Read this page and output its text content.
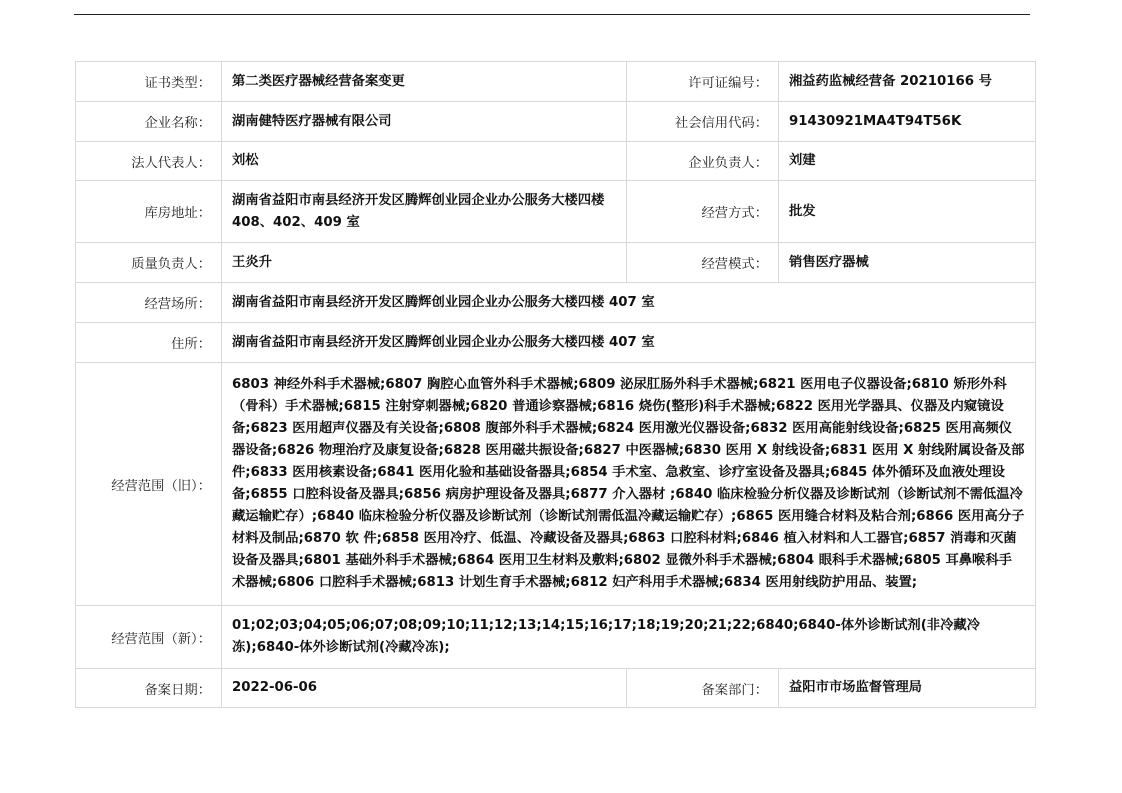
证书类型：	第二类医疗器械经营备案变更	许可证编号：	湘益药监械经营备 20210166 号
企业名称：	湖南健特医疗器械有限公司	社会信用代码：	91430921MA4T94T56K
法人代表人：	刘松	企业负责人：	刘建
库房地址：	湖南省益阳市南县经济开发区腾辉创业园企业办公服务大楼四楼 408、402、409 室	经营方式：	批发
质量负责人：	王炎升	经营模式：	销售医疗器械
经营场所：	湖南省益阳市南县经济开发区腾辉创业园企业办公服务大楼四楼 407 室		
住所：	湖南省益阳市南县经济开发区腾辉创业园企业办公服务大楼四楼 407 室		
经营范围（旧）：	6803 神经外科手术器械;6807 胸腔心血管外科手术器械;6809 泌尿肛肠外科手术器械;6821 医用电子仪器设备;6810 矫形外科（骨科）手术器械;6815 注射穿刺器械;6820 普通诊察器械;6816 烧伤(整形)科手术器械;6822 医用光学器具、仪器及内窥镜设备;6823 医用超声仪器及有关设备;6808 腹部外科手术器械;6824 医用激光仪器设备;6832 医用高能射线设备;6825 医用高频仪器设备;6826 物理治疗及康复设备;6828 医用磁共振设备;6827 中医器械;6830 医用 X 射线设备;6831 医用 X 射线附属设备及部件;6833 医用核素设备;6841 医用化验和基础设备器具;6854 手术室、急救室、诊疗室设备及器具;6845 体外循环及血液处理设备;6855 口腔科设备及器具;6856 病房护理设备及器具;6877 介入器材 ;6840 临床检验分析仪器及诊断试剂（诊断试剂不需低温冷藏运输贮存）;6840 临床检验分析仪器及诊断试剂（诊断试剂需低温冷藏运输贮存）;6865 医用缝合材料及粘合剂;6866 医用高分子材料及制品;6870 软 件;6858 医用冷疗、低温、冷藏设备及器具;6863 口腔科材料;6846 植入材料和人工器官;6857 消毒和灭菌设备及器具;6801 基础外科手术器械;6864 医用卫生材料及敷料;6802 显微外科手术器械;6804 眼科手术器械;6805 耳鼻喉科手术器械;6806 口腔科手术器械;6813 计划生育手术器械;6812 妇产科用手术器械;6834 医用射线防护用品、装置;		
经营范围（新）：	01;02;03;04;05;06;07;08;09;10;11;12;13;14;15;16;17;18;19;20;21;22;6840;6840-体外诊断试剂(非冷藏冷冻);6840-体外诊断试剂(冷藏冷冻);		
备案日期：	2022-06-06	备案部门：	益阳市市场监督管理局
